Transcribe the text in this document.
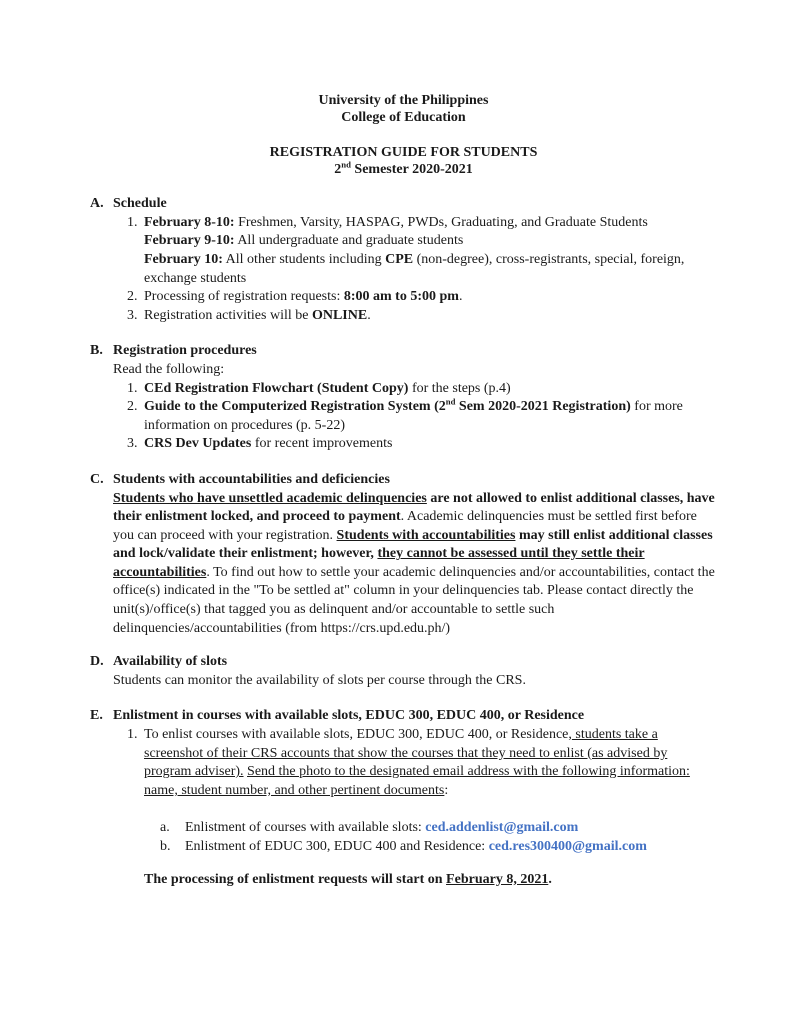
University of the Philippines
College of Education
REGISTRATION GUIDE FOR STUDENTS
2nd Semester 2020-2021
A. Schedule
1. February 8-10: Freshmen, Varsity, HASPAG, PWDs, Graduating, and Graduate Students
February 9-10: All undergraduate and graduate students
February 10: All other students including CPE (non-degree), cross-registrants, special, foreign, exchange students
2. Processing of registration requests: 8:00 am to 5:00 pm.
3. Registration activities will be ONLINE.
B. Registration procedures
Read the following:
1. CEd Registration Flowchart (Student Copy) for the steps (p.4)
2. Guide to the Computerized Registration System (2nd Sem 2020-2021 Registration) for more information on procedures (p. 5-22)
3. CRS Dev Updates for recent improvements
C. Students with accountabilities and deficiencies
Students who have unsettled academic delinquencies are not allowed to enlist additional classes, have their enlistment locked, and proceed to payment. Academic delinquencies must be settled first before you can proceed with your registration. Students with accountabilities may still enlist additional classes and lock/validate their enlistment; however, they cannot be assessed until they settle their accountabilities. To find out how to settle your academic delinquencies and/or accountabilities, contact the office(s) indicated in the "To be settled at" column in your delinquencies tab. Please contact directly the unit(s)/office(s) that tagged you as delinquent and/or accountable to settle such delinquencies/accountabilities (from https://crs.upd.edu.ph/)
D. Availability of slots
Students can monitor the availability of slots per course through the CRS.
E. Enlistment in courses with available slots, EDUC 300, EDUC 400, or Residence
1. To enlist courses with available slots, EDUC 300, EDUC 400, or Residence, students take a screenshot of their CRS accounts that show the courses that they need to enlist (as advised by program adviser). Send the photo to the designated email address with the following information: name, student number, and other pertinent documents:
a. Enlistment of courses with available slots: ced.addenlist@gmail.com
b. Enlistment of EDUC 300, EDUC 400 and Residence: ced.res300400@gmail.com
The processing of enlistment requests will start on February 8, 2021.
